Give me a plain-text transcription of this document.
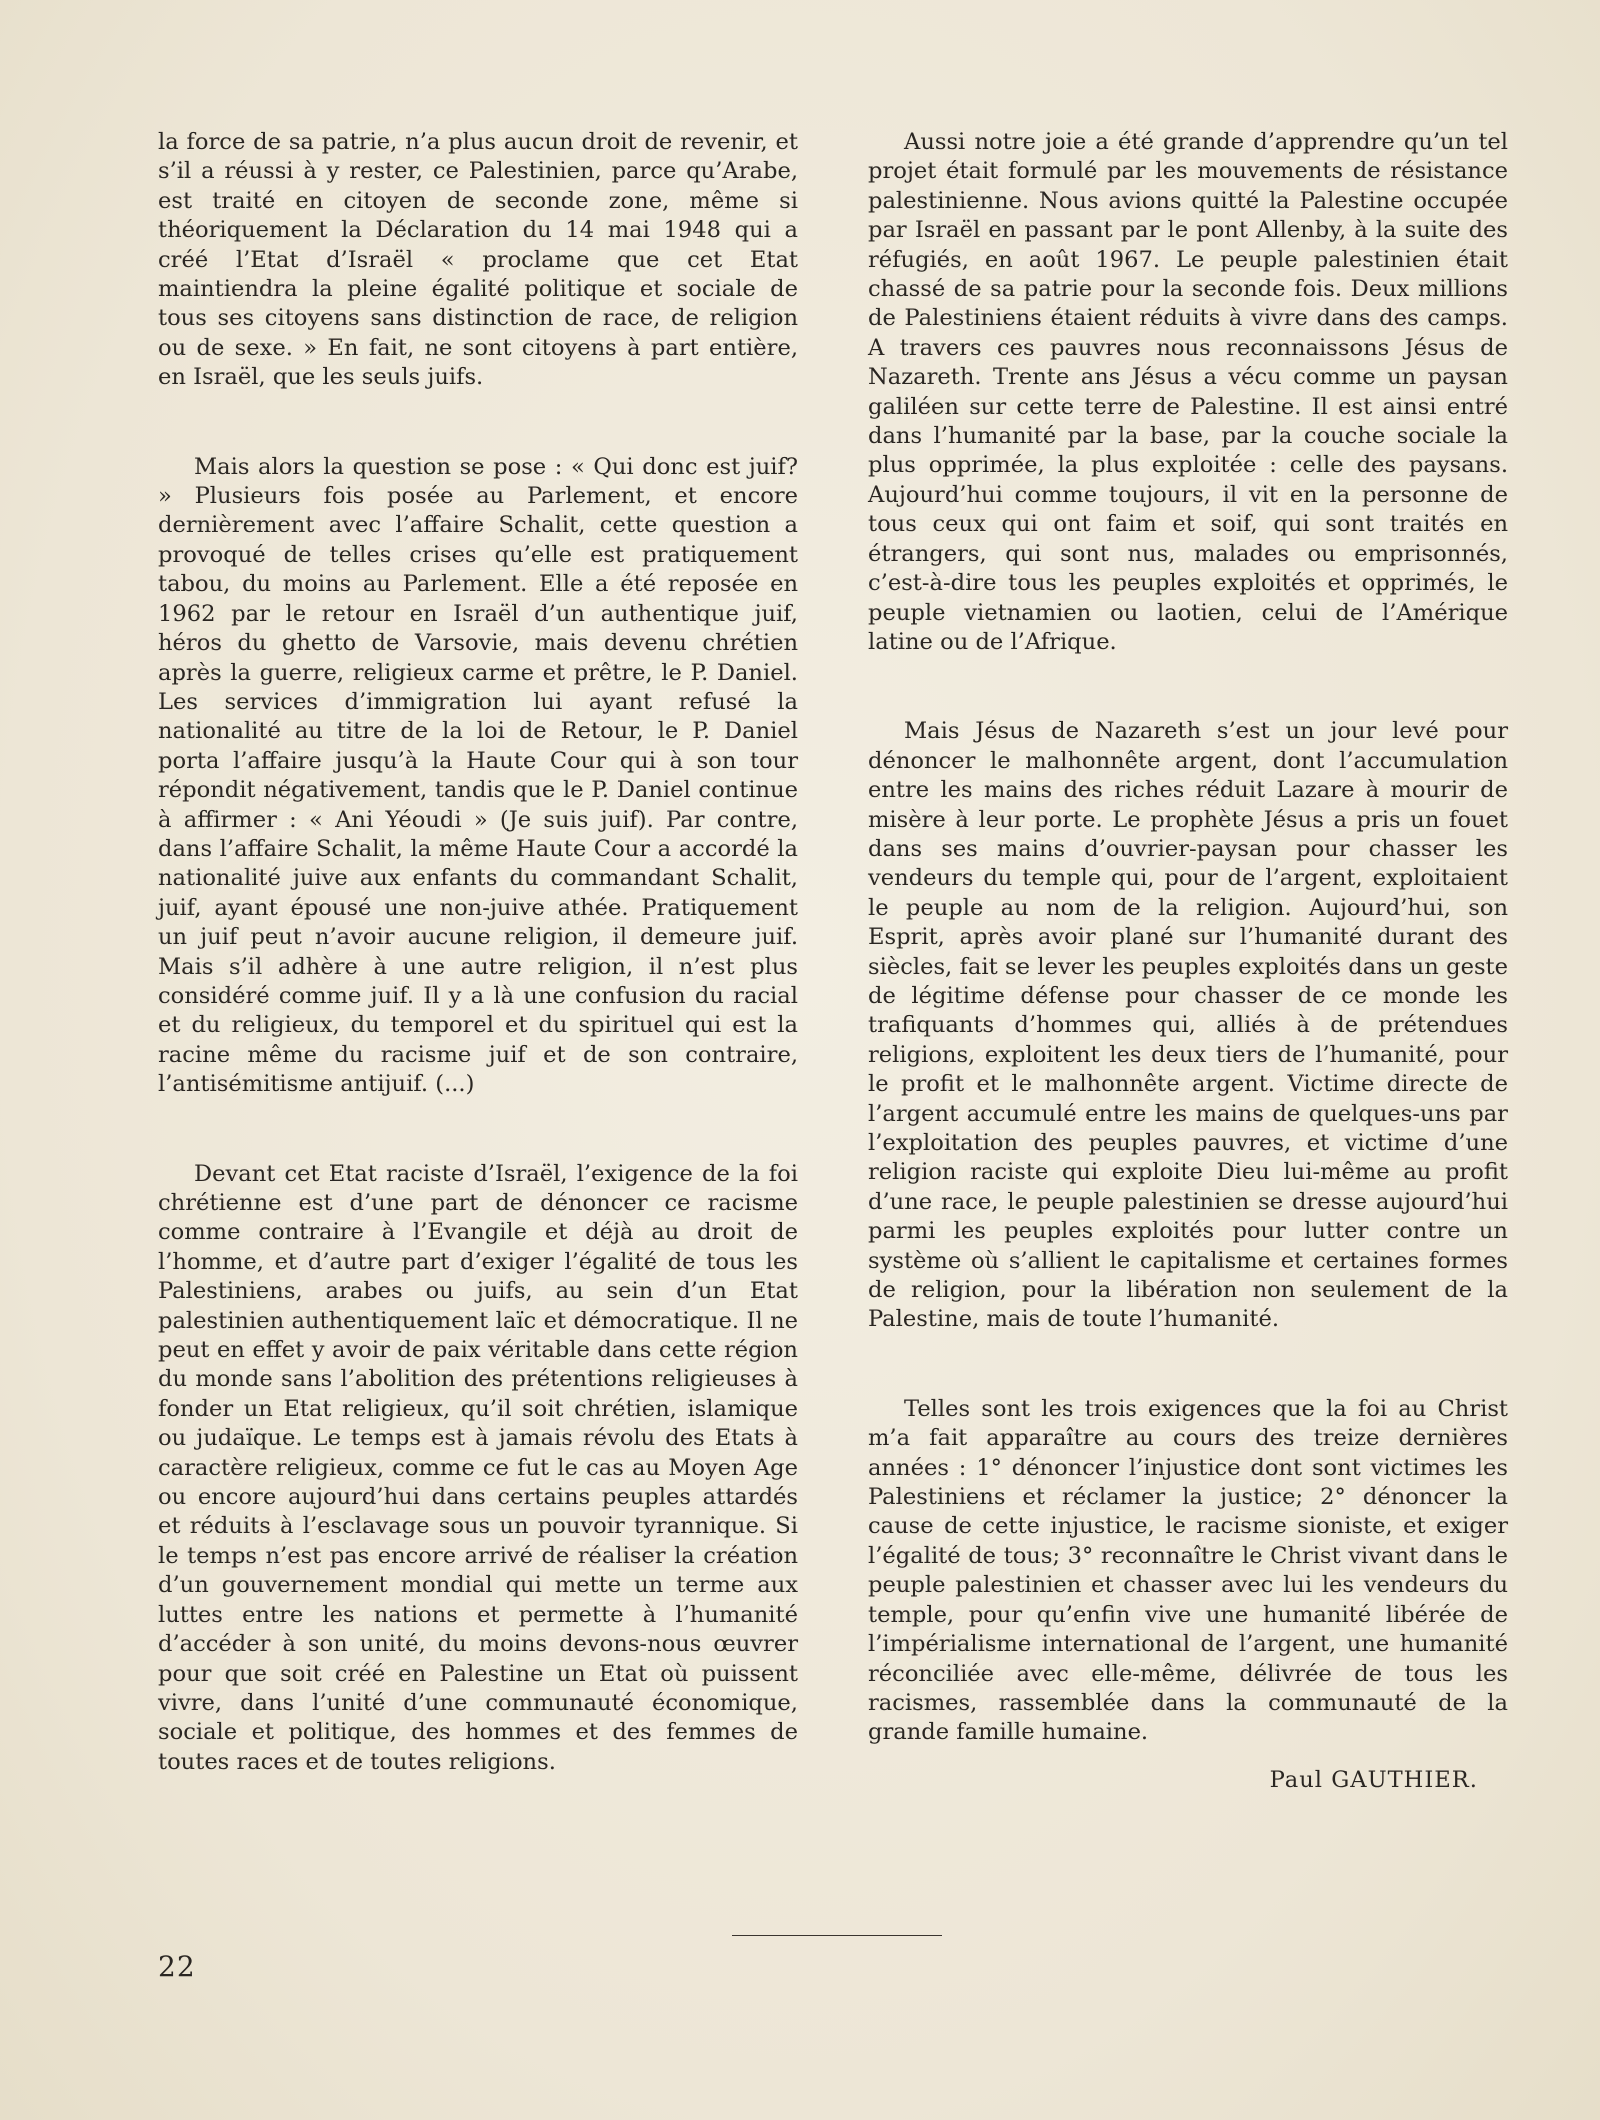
la force de sa patrie, n’a plus aucun droit de revenir, et s’il a réussi à y rester, ce Palestinien, parce qu’Arabe, est traité en citoyen de seconde zone, même si théoriquement la Déclaration du 14 mai 1948 qui a créé l’Etat d’Israël « proclame que cet Etat maintiendra la pleine égalité politique et sociale de tous ses citoyens sans distinction de race, de religion ou de sexe. » En fait, ne sont citoyens à part entière, en Israël, que les seuls juifs.

Mais alors la question se pose : « Qui donc est juif? » Plusieurs fois posée au Parlement, et encore dernièrement avec l’affaire Schalit, cette question a provoqué de telles crises qu’elle est pratiquement tabou, du moins au Parlement. Elle a été reposée en 1962 par le retour en Israël d’un authentique juif, héros du ghetto de Varsovie, mais devenu chrétien après la guerre, religieux carme et prêtre, le P. Daniel. Les services d’immigration lui ayant refusé la nationalité au titre de la loi de Retour, le P. Daniel porta l’affaire jusqu’à la Haute Cour qui à son tour répondit négativement, tandis que le P. Daniel continue à affirmer : « Ani Yéoudi » (Je suis juif). Par contre, dans l’affaire Schalit, la même Haute Cour a accordé la nationalité juive aux enfants du commandant Schalit, juif, ayant épousé une non-juive athée. Pratiquement un juif peut n’avoir aucune religion, il demeure juif. Mais s’il adhère à une autre religion, il n’est plus considéré comme juif. Il y a là une confusion du racial et du religieux, du temporel et du spirituel qui est la racine même du racisme juif et de son contraire, l’antisémitisme antijuif. (...)

Devant cet Etat raciste d’Israël, l’exigence de la foi chrétienne est d’une part de dénoncer ce racisme comme contraire à l’Evangile et déjà au droit de l’homme, et d’autre part d’exiger l’égalité de tous les Palestiniens, arabes ou juifs, au sein d’un Etat palestinien authentiquement laïc et démocratique. Il ne peut en effet y avoir de paix véritable dans cette région du monde sans l’abolition des prétentions religieuses à fonder un Etat religieux, qu’il soit chrétien, islamique ou judaïque. Le temps est à jamais révolu des Etats à caractère religieux, comme ce fut le cas au Moyen Age ou encore aujourd’hui dans certains peuples attardés et réduits à l’esclavage sous un pouvoir tyrannique. Si le temps n’est pas encore arrivé de réaliser la création d’un gouvernement mondial qui mette un terme aux luttes entre les nations et permette à l’humanité d’accéder à son unité, du moins devons-nous œuvrer pour que soit créé en Palestine un Etat où puissent vivre, dans l’unité d’une communauté économique, sociale et politique, des hommes et des femmes de toutes races et de toutes religions.

Aussi notre joie a été grande d’apprendre qu’un tel projet était formulé par les mouvements de résistance palestinienne. Nous avions quitté la Palestine occupée par Israël en passant par le pont Allenby, à la suite des réfugiés, en août 1967. Le peuple palestinien était chassé de sa patrie pour la seconde fois. Deux millions de Palestiniens étaient réduits à vivre dans des camps. A travers ces pauvres nous reconnaissons Jésus de Nazareth. Trente ans Jésus a vécu comme un paysan galiléen sur cette terre de Palestine. Il est ainsi entré dans l’humanité par la base, par la couche sociale la plus opprimée, la plus exploitée : celle des paysans. Aujourd’hui comme toujours, il vit en la personne de tous ceux qui ont faim et soif, qui sont traités en étrangers, qui sont nus, malades ou emprisonnés, c’est-à-dire tous les peuples exploités et opprimés, le peuple vietnamien ou laotien, celui de l’Amérique latine ou de l’Afrique.

Mais Jésus de Nazareth s’est un jour levé pour dénoncer le malhonnête argent, dont l’accumulation entre les mains des riches réduit Lazare à mourir de misère à leur porte. Le prophète Jésus a pris un fouet dans ses mains d’ouvrier-paysan pour chasser les vendeurs du temple qui, pour de l’argent, exploitaient le peuple au nom de la religion. Aujourd’hui, son Esprit, après avoir plané sur l’humanité durant des siècles, fait se lever les peuples exploités dans un geste de légitime défense pour chasser de ce monde les trafiquants d’hommes qui, alliés à de prétendues religions, exploitent les deux tiers de l’humanité, pour le profit et le malhonnête argent. Victime directe de l’argent accumulé entre les mains de quelques-uns par l’exploitation des peuples pauvres, et victime d’une religion raciste qui exploite Dieu lui-même au profit d’une race, le peuple palestinien se dresse aujourd’hui parmi les peuples exploités pour lutter contre un système où s’allient le capitalisme et certaines formes de religion, pour la libération non seulement de la Palestine, mais de toute l’humanité.

Telles sont les trois exigences que la foi au Christ m’a fait apparaître au cours des treize dernières années : 1° dénoncer l’injustice dont sont victimes les Palestiniens et réclamer la justice; 2° dénoncer la cause de cette injustice, le racisme sioniste, et exiger l’égalité de tous; 3° reconnaître le Christ vivant dans le peuple palestinien et chasser avec lui les vendeurs du temple, pour qu’enfin vive une humanité libérée de l’impérialisme international de l’argent, une humanité réconciliée avec elle-même, délivrée de tous les racismes, rassemblée dans la communauté de la grande famille humaine.

Paul GAUTHIER.
22
